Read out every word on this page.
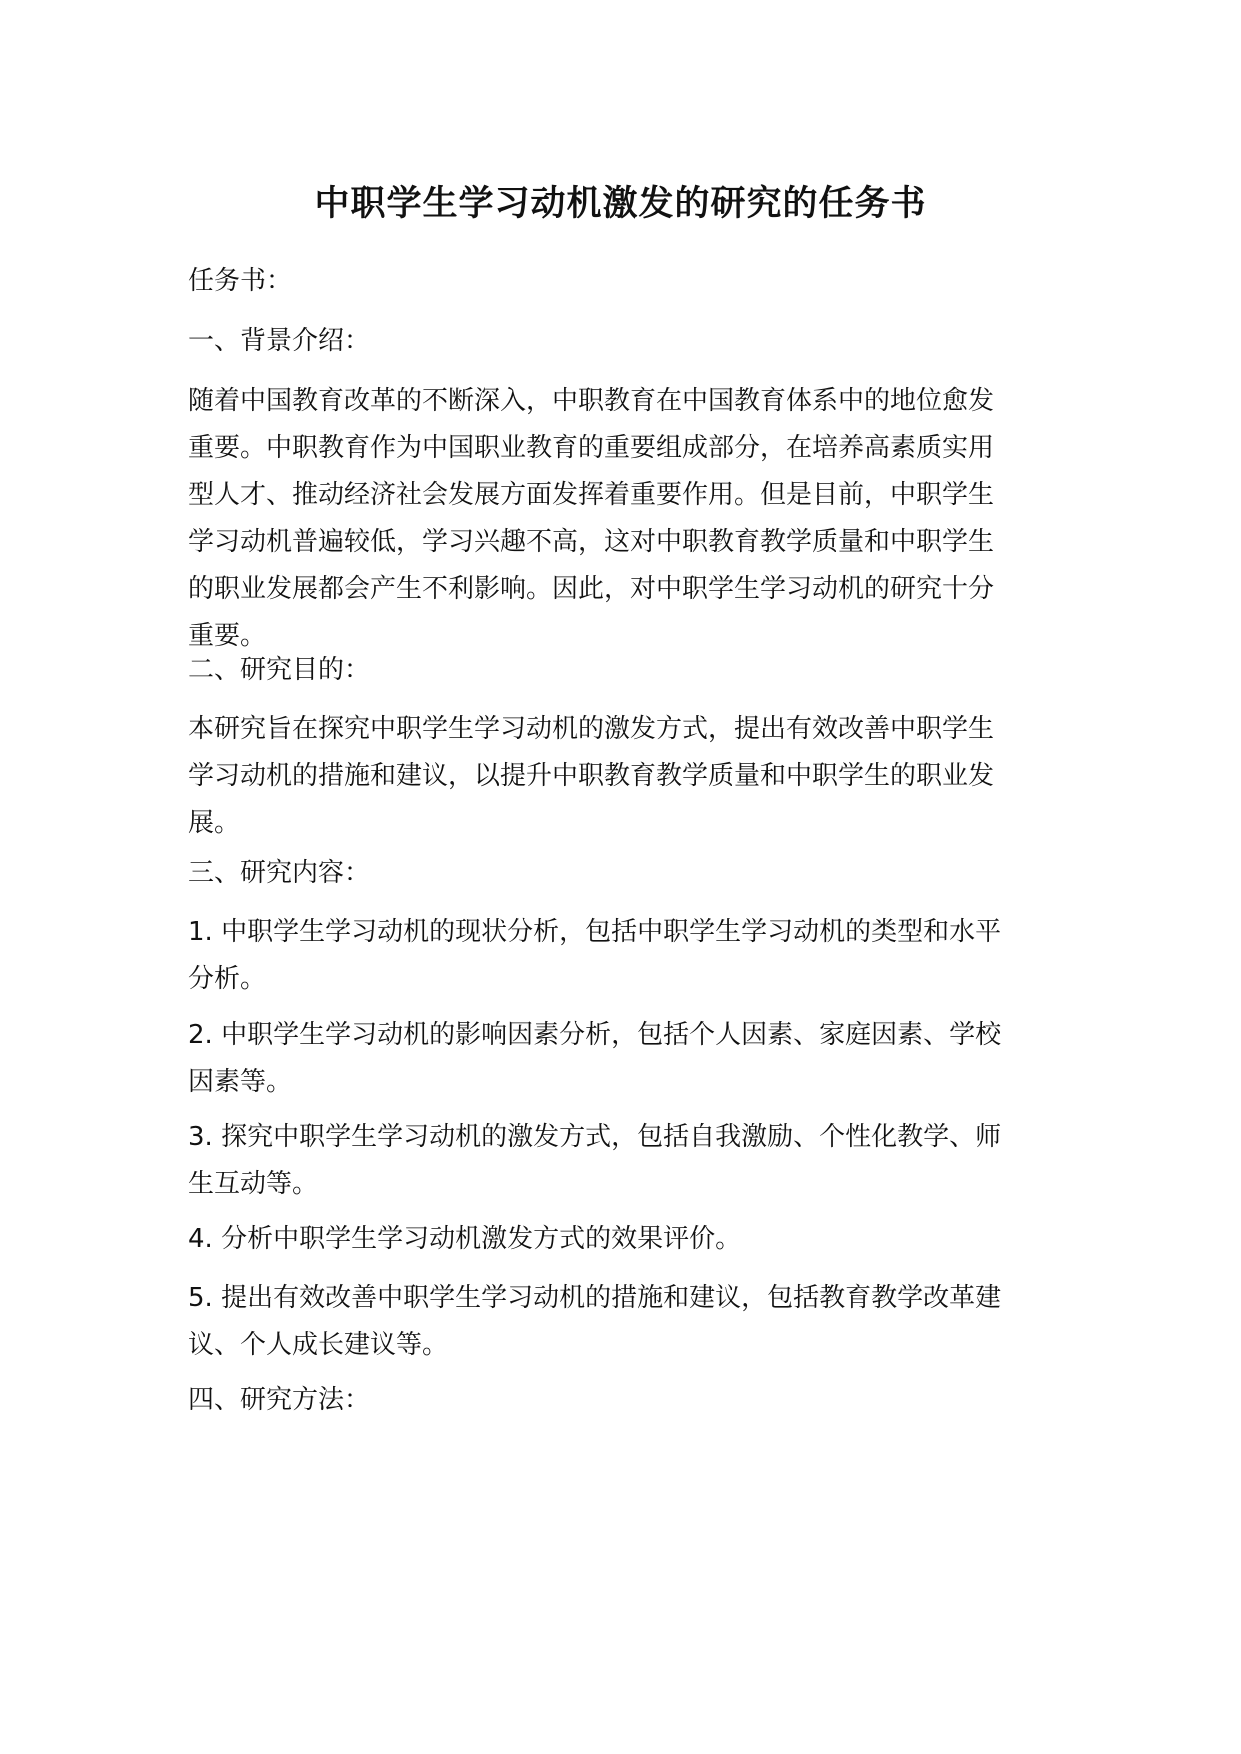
中职学生学习动机激发的研究的任务书

任务书：

一、背景介绍：

随着中国教育改革的不断深入，中职教育在中国教育体系中的地位愈发
重要。中职教育作为中国职业教育的重要组成部分，在培养高素质实用
型人才、推动经济社会发展方面发挥着重要作用。但是目前，中职学生
学习动机普遍较低，学习兴趣不高，这对中职教育教学质量和中职学生
的职业发展都会产生不利影响。因此，对中职学生学习动机的研究十分
重要。

二、研究目的：

本研究旨在探究中职学生学习动机的激发方式，提出有效改善中职学生
学习动机的措施和建议，以提升中职教育教学质量和中职学生的职业发
展。

三、研究内容：

1. 中职学生学习动机的现状分析，包括中职学生学习动机的类型和水平
分析。

2. 中职学生学习动机的影响因素分析，包括个人因素、家庭因素、学校
因素等。

3. 探究中职学生学习动机的激发方式，包括自我激励、个性化教学、师
生互动等。

4. 分析中职学生学习动机激发方式的效果评价。

5. 提出有效改善中职学生学习动机的措施和建议，包括教育教学改革建
议、个人成长建议等。

四、研究方法：
